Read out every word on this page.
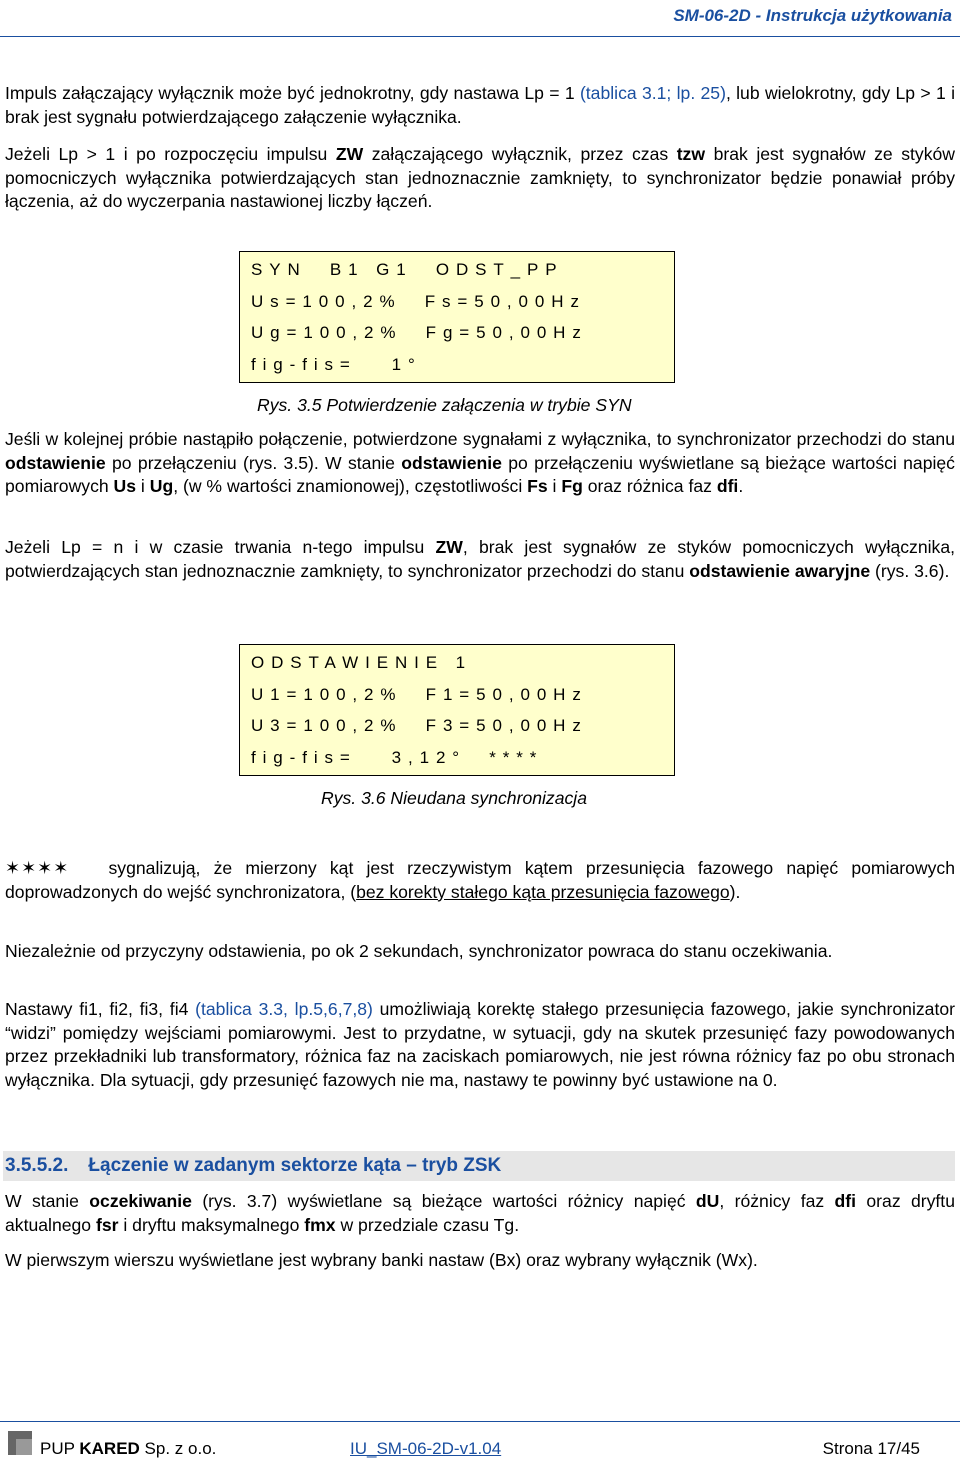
SM-06-2D - Instrukcja użytkowania
Impuls załączający wyłącznik może być jednokrotny, gdy nastawa Lp = 1 (tablica 3.1; lp. 25), lub wielokrotny, gdy Lp > 1 i brak jest sygnału potwierdzającego załączenie wyłącznika.
Jeżeli Lp > 1 i po rozpoczęciu impulsu ZW załączającego wyłącznik, przez czas tzw brak jest sygnałów ze styków pomocniczych wyłącznika potwierdzających stan jednoznacznie zamknięty, to synchronizator będzie ponawiał próby łączenia, aż do wyczerpania nastawionej liczby łączeń.
SYN  B1 G1  ODST_PP
Us=100,2%  Fs=50,00Hz
Ug=100,2%  Fg=50,00Hz
fig-fis=   1°
Rys. 3.5 Potwierdzenie załączenia w trybie SYN
Jeśli w kolejnej próbie nastąpiło połączenie, potwierdzone sygnałami z wyłącznika, to synchronizator przechodzi do stanu odstawienie po przełączeniu (rys. 3.5). W stanie odstawienie po przełączeniu wyświetlane są bieżące wartości napięć pomiarowych Us i Ug, (w % wartości znamionowej), częstotliwości Fs i Fg oraz różnica faz dfi.
Jeżeli Lp = n i w czasie trwania n-tego impulsu ZW, brak jest sygnałów ze styków pomocniczych wyłącznika, potwierdzających stan jednoznacznie zamknięty, to synchronizator przechodzi do stanu odstawienie awaryjne (rys. 3.6).
ODSTAWIENIE 1
U1=100,2%  F1=50,00Hz
U3=100,2%  F3=50,00Hz
fig-fis=   3,12°  ****
Rys. 3.6 Nieudana synchronizacja
✶✶✶✶ sygnalizują, że mierzony kąt jest rzeczywistym kątem przesunięcia fazowego napięć pomiarowych doprowadzonych do wejść synchronizatora, (bez korekty stałego kąta przesunięcia fazowego).
Niezależnie od przyczyny odstawienia, po ok 2 sekundach, synchronizator powraca do stanu oczekiwania.
Nastawy fi1, fi2, fi3, fi4 (tablica 3.3, lp.5,6,7,8) umożliwiają korektę stałego przesunięcia fazowego, jakie synchronizator “widzi” pomiędzy wejściami pomiarowymi. Jest to przydatne, w sytuacji, gdy na skutek przesunięć fazy powodowanych przez przekładniki lub transformatory, różnica faz na zaciskach pomiarowych, nie jest równa różnicy faz po obu stronach wyłącznika. Dla sytuacji, gdy przesunięć fazowych nie ma, nastawy te powinny być ustawione na 0.
3.5.5.2. Łączenie w zadanym sektorze kąta – tryb ZSK
W stanie oczekiwanie (rys. 3.7) wyświetlane są bieżące wartości różnicy napięć dU, różnicy faz dfi oraz dryftu aktualnego fsr i dryftu maksymalnego fmx w przedziale czasu Tg.
W pierwszym wierszu wyświetlane jest wybrany banki nastaw (Bx) oraz wybrany wyłącznik (Wx).
PUP KARED Sp. z o.o.	IU_SM-06-2D-v1.04	Strona 17/45
